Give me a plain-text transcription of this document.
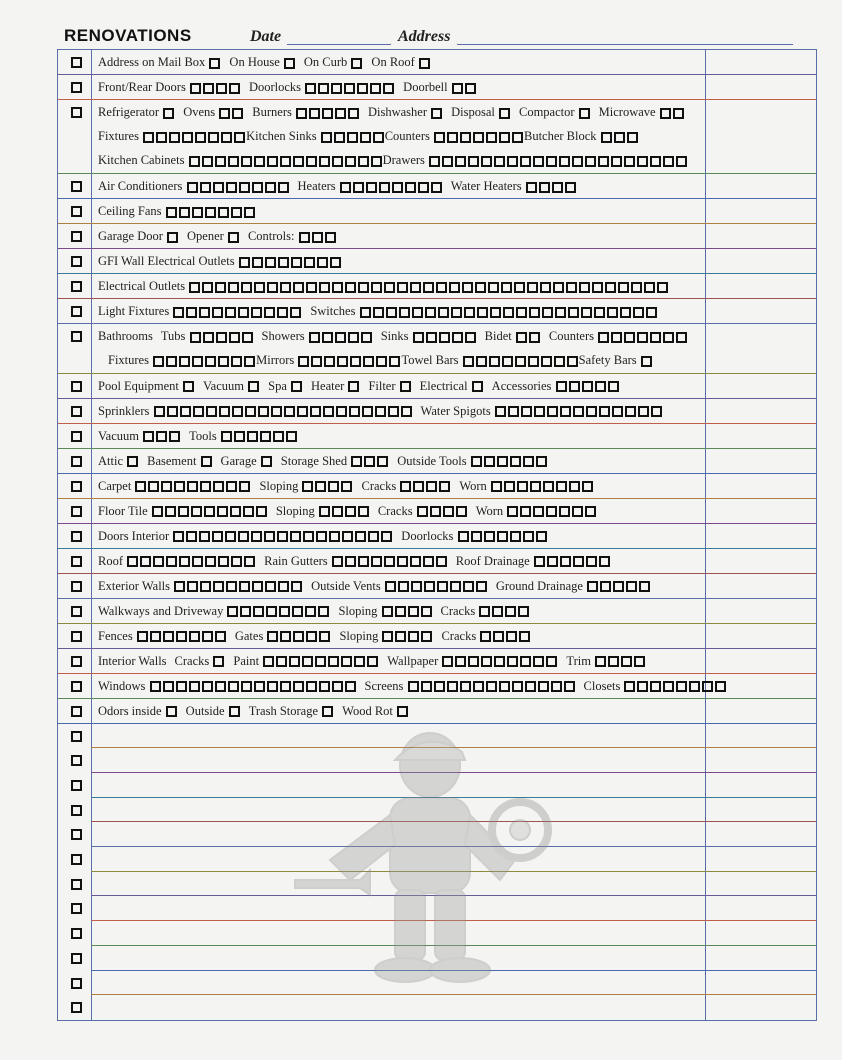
RENOVATIONS	Date	Address
Address on Mail Box On House On Curb On Roof
Front/Rear Doors	Doorlocks	Doorbell
Refrigerator Ovens	Burners	Dishwasher Disposal Compactor Microwave
Fixtures	Kitchen Sinks	Counters	Butcher Block
Kitchen Cabinets	Drawers
Air Conditioners	Heaters	Water Heaters
Ceiling Fans
Garage Door Opener Controls:
GFI Wall Electrical Outlets
Electrical Outlets
Light Fixtures	Switches
Bathrooms Tubs	Showers	Sinks	Bidet	Counters
Fixtures	Mirrors	Towel Bars	Safety Bars
Pool Equipment Vacuum Spa Heater Filter Electrical Accessories
Sprinklers	Water Spigots
Vacuum	Tools
Attic Basement Garage Storage Shed	Outside Tools
Carpet	Sloping	Cracks	Worn
Floor Tile	Sloping	Cracks	Worn
Doors Interior	Doorlocks
Roof	Rain Gutters	Roof Drainage
Exterior Walls	Outside Vents	Ground Drainage
Walkways and Driveway	Sloping	Cracks
Fences	Gates	Sloping	Cracks
Interior Walls Cracks Paint	Wallpaper	Trim
Windows	Screens	Closets
Odors inside Outside Trash Storage Wood Rot
